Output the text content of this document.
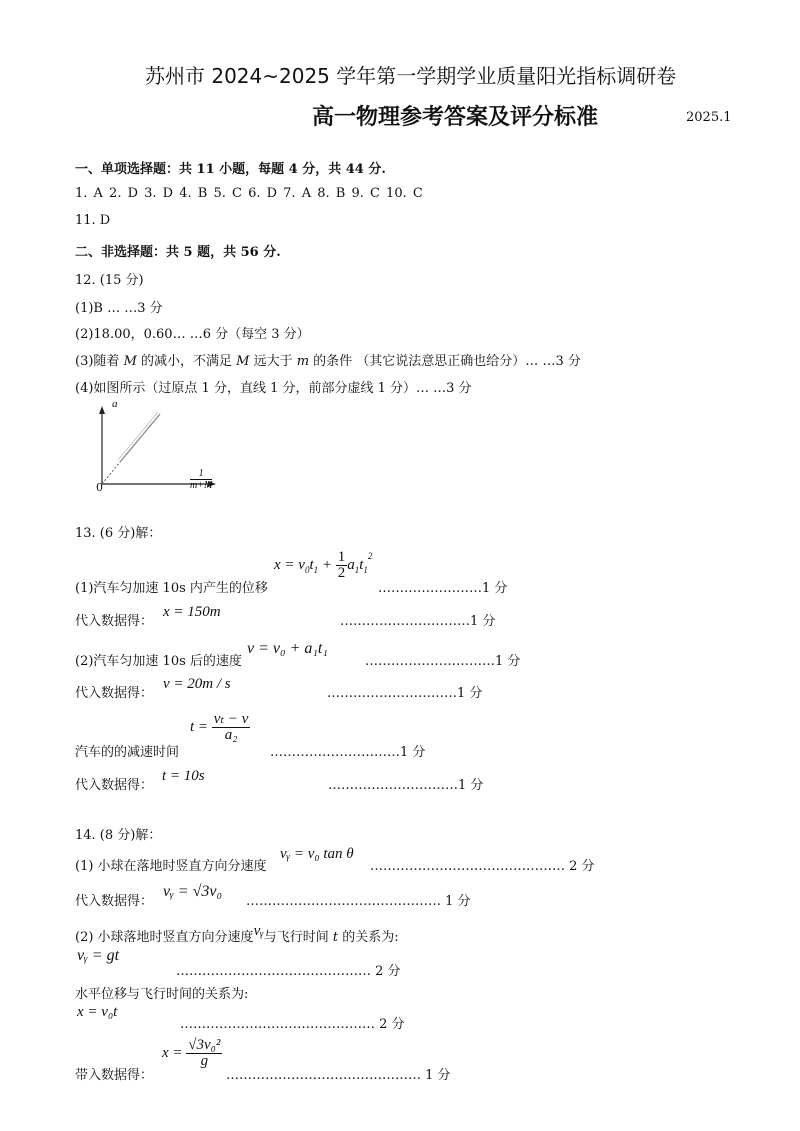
苏州市 2024~2025 学年第一学期学业质量阳光指标调研卷
高一物理参考答案及评分标准	2025.1
一、单项选择题：共 11 小题，每题 4 分，共 44 分.
1. A 2. D 3. D 4. B 5. C 6. D 7. A 8. B 9. C 10. C
11. D
二、非选择题：共 5 题，共 56 分.
12. (15 分)
(1)B … …3 分
(2)18.00，0.60… …6 分（每空 3 分）
(3)随着 M 的减小，不满足 M 远大于 m 的条件 （其它说法意思正确也给分）… …3 分
(4)如图所示（过原点 1 分，直线 1 分，前部分虚线 1 分）… …3 分
a
0	$\frac{1}{m+M}$
13. (6 分)解：
$x = v_0t_1 + \frac{1}{2} a_1t_1^2$
(1)汽车匀加速 10s 内产生的位移	……………………1 分
代入数据得：
x = 150m
…………………………1 分
(2)汽车匀加速 10s 后的速度
v = v₀ + a₁t₁
…………………………1 分
代入数据得：
v = 20m / s
…………………………1 分
$t = \frac{\text{vₜ − v}}{\text{a₂}}$
汽车的的减速时间	…………………………1 分
代入数据得：
t = 10s
…………………………1 分
14. (8 分)解：
(1) 小球在落地时竖直方向分速度
vᵧ = v₀ tan θ
……………………………………… 2 分
代入数据得：
vᵧ = √3v₀
……………………………………… 1 分
(2) 小球落地时竖直方向分速度vᵧ与飞行时间 t 的关系为:
vᵧ = gt
……………………………………… 2 分
水平位移与飞行时间的关系为:
x = v₀t
……………………………………… 2 分
$x = \frac{\text{√3v₀²}}{g}$
带入数据得：	……………………………………… 1 分
